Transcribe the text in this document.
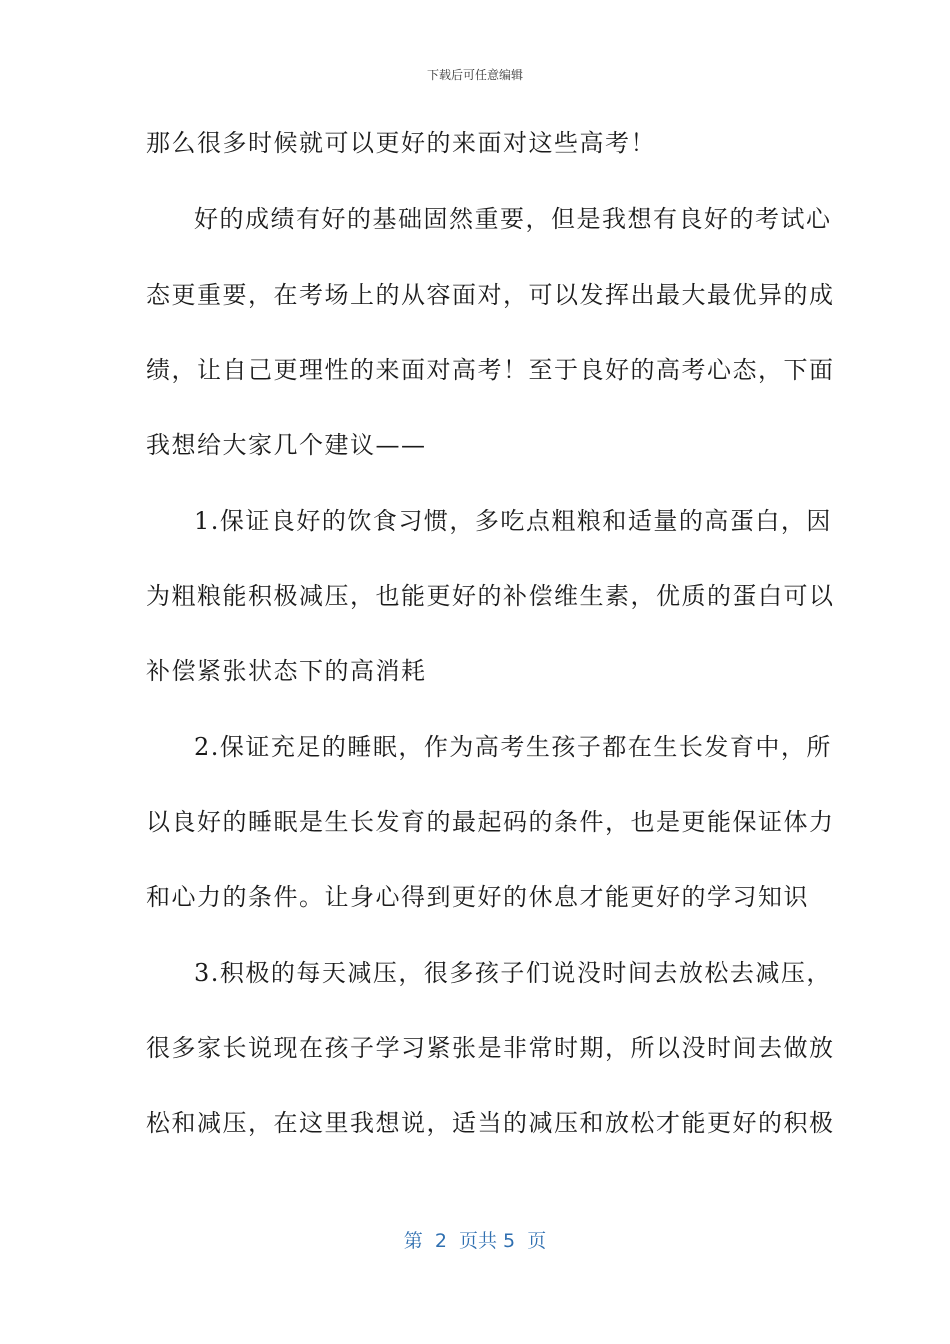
下载后可任意编辑
那么很多时候就可以更好的来面对这些高考！
好的成绩有好的基础固然重要，但是我想有良好的考试心
态更重要，在考场上的从容面对，可以发挥出最大最优异的成
绩，让自己更理性的来面对高考！至于良好的高考心态，下面
我想给大家几个建议——
1.保证良好的饮食习惯，多吃点粗粮和适量的高蛋白，因
为粗粮能积极减压，也能更好的补偿维生素，优质的蛋白可以
补偿紧张状态下的高消耗
2.保证充足的睡眠，作为高考生孩子都在生长发育中，所
以良好的睡眠是生长发育的最起码的条件，也是更能保证体力
和心力的条件。让身心得到更好的休息才能更好的学习知识
3.积极的每天减压，很多孩子们说没时间去放松去减压，
很多家长说现在孩子学习紧张是非常时期，所以没时间去做放
松和减压，在这里我想说，适当的减压和放松才能更好的积极
第  2  页共 5  页
